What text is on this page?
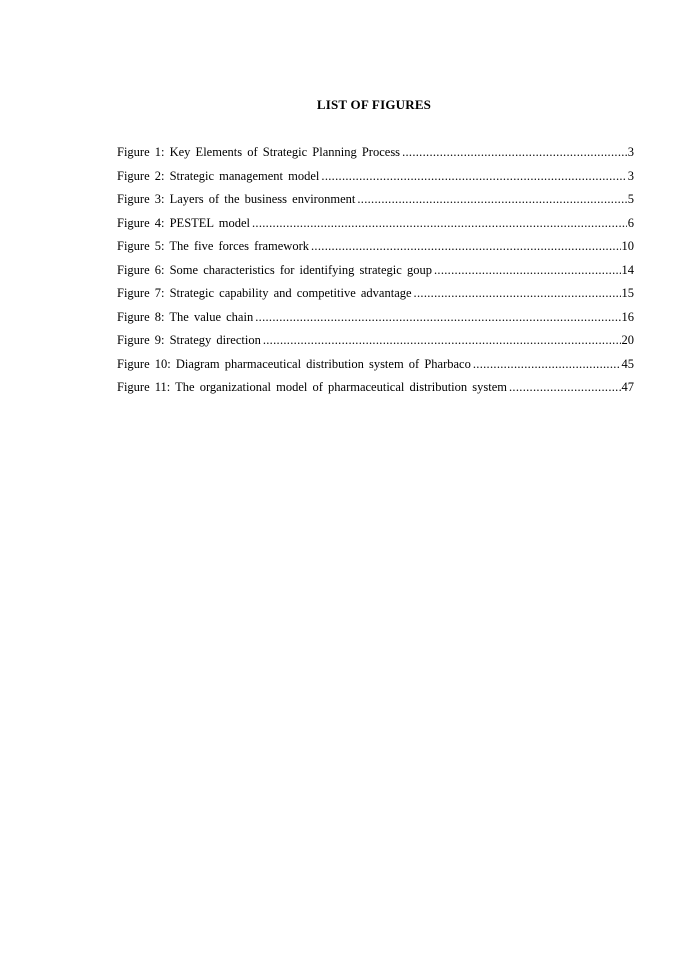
LIST OF FIGURES
Figure 1: Key Elements of Strategic Planning Process .....	3
Figure 2: Strategic management model .....	3
Figure 3: Layers of the business environment .....	5
Figure 4: PESTEL model .....	6
Figure 5: The five forces framework .....	10
Figure 6: Some characteristics for identifying strategic goup .....	14
Figure 7: Strategic capability and competitive advantage .....	15
Figure 8: The value chain .....	16
Figure 9: Strategy direction .....	20
Figure 10: Diagram pharmaceutical distribution system of Pharbaco .....	45
Figure 11: The organizational model of pharmaceutical distribution system .....	47
